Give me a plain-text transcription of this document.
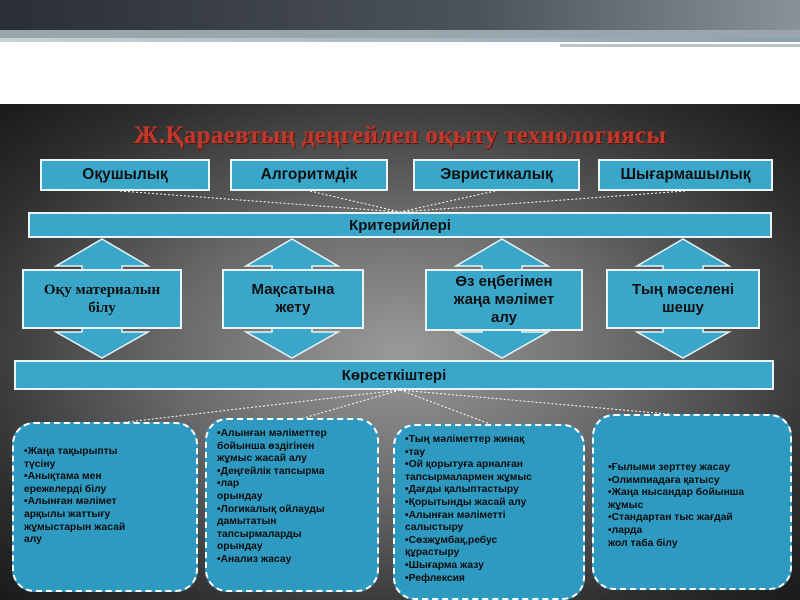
Ж.Қараевтың деңгейлеп оқыту технологиясы
Оқушылық	Алгоритмдік	Эвристикалық	Шығармашылық
Критерийлері
Оқу материалын
білу
Мақсатына
жету
Өз еңбегімен
жаңа мәлімет
алу
Тың мәселені
шешу
Көрсеткіштері
•Жаңа тақырыпты
түсіну
•Анықтама мен
ережелерді білу
•Алынған мәлімет
арқылы жаттығу
жұмыстарын жасай
алу
•Алынған мәліметтер
бойынша өздігінен
жұмыс жасай алу
•Деңгейлік тапсырма
•лар
орындау
•Логикалық ойлауды
дамытатын
тапсырмаларды
орындау
•Анализ жасау
•Тың мәліметтер жинақ
•тау
•Ой қорытуға арналған
тапсырмалармен жұмыс
•Дағды қалыптастыру
•Қорытынды жасай алу
•Алынған мәліметті
салыстыру
•Сөзжұмбақ,ребус
құрастыру
•Шығарма жазу
•Рефлексия
•Ғылыми зерттеу жасау
•Олимпиадаға қатысу
•Жаңа нысандар бойынша
жұмыс
•Стандартан тыс жағдай
•ларда
жол таба білу
